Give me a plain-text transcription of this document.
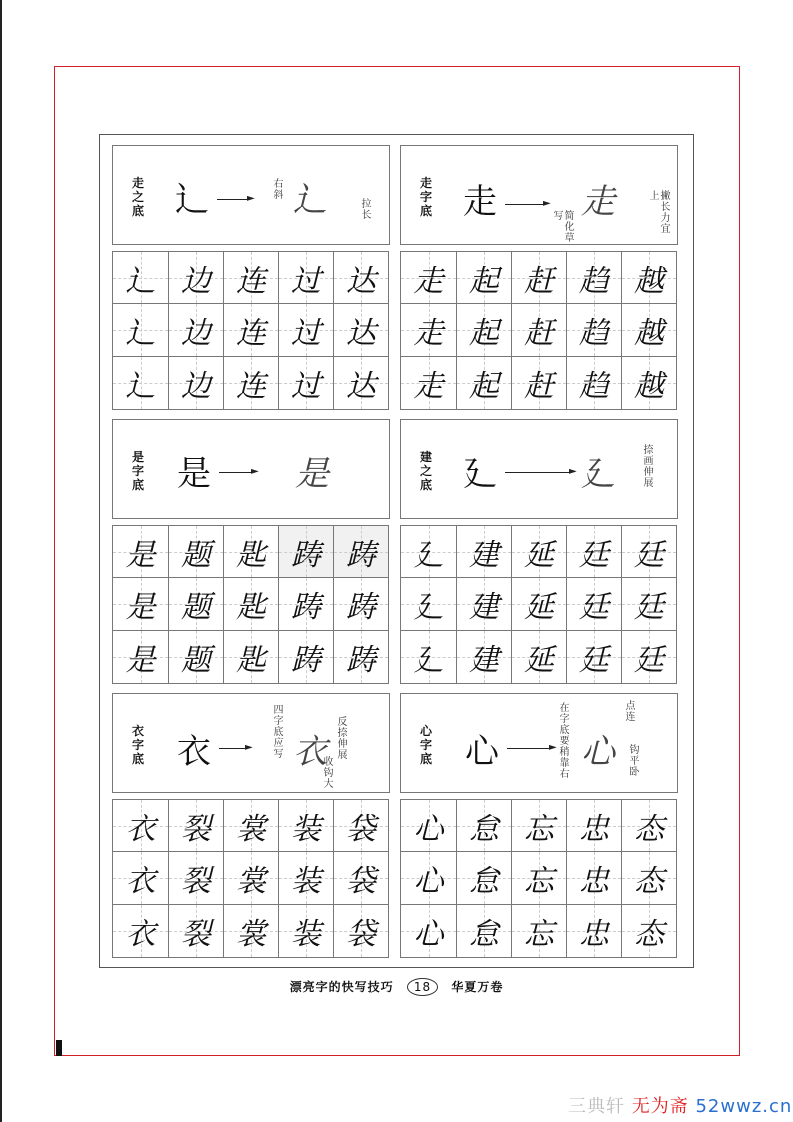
走之底 辶	► 右斜 辶	拉长
辶 边 连 过 达
辶 边 连 过 达
辶 边 连 过 达
走字底 走	►
简化草写 走	撇长力宜上
走 起 赶 趋 越
走 起 赶 趋 越
走 起 赶 趋 越
是字底 是	► 是
是 题 匙 踌 踌
是 题 匙 踌 踌
是 题 匙 踌 踌
建之底 廴	► 廴	捺画伸展
廴 建 延 廷 廷
廴 建 延 廷 廷
廴 建 延 廷 廷
衣字底 衣	► 四字底应写 衣 反捺伸展
收钩大
衣 裂 裳 装 袋
衣 裂 裳 装 袋
衣 裂 裳 装 袋
心字底 心	► 在字底要稍靠右 心
点连
钩平卧
心 怠 忘 忠 态
心 怠 忘 忠 态
心 怠 忘 忠 态
漂亮字的快写技巧 18 华夏万卷
三典轩 无为斋 52wwz.cn
